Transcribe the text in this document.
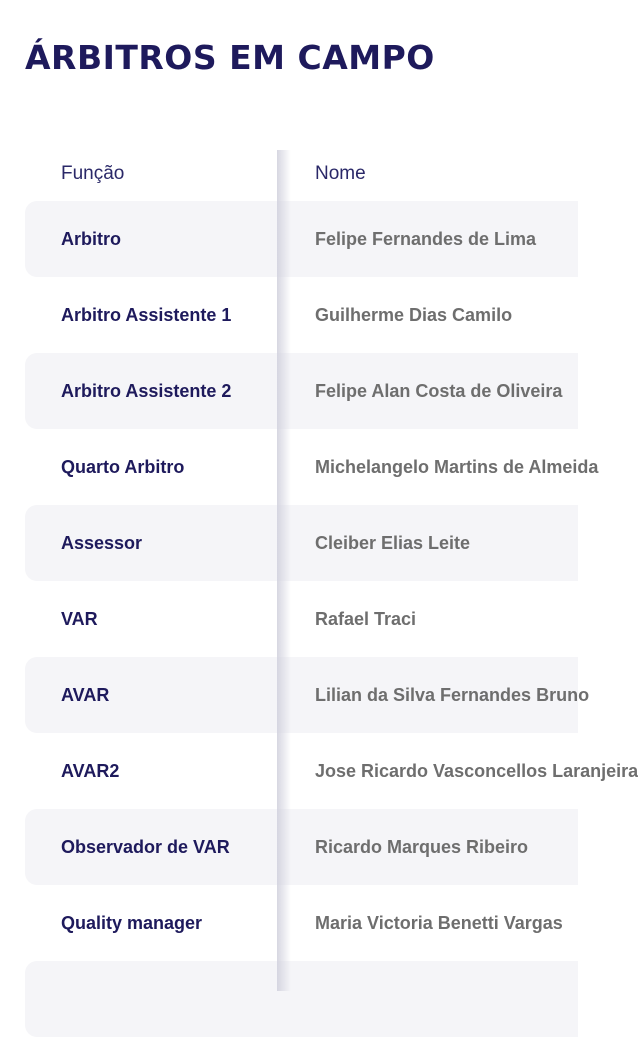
ÁRBITROS EM CAMPO
Função	Nome
Arbitro	Felipe Fernandes de Lima
Arbitro Assistente 1	Guilherme Dias Camilo
Arbitro Assistente 2	Felipe Alan Costa de Oliveira
Quarto Arbitro	Michelangelo Martins de Almeida
Assessor	Cleiber Elias Leite
VAR	Rafael Traci
AVAR	Lilian da Silva Fernandes Bruno
AVAR2	Jose Ricardo Vasconcellos Laranjeira
Observador de VAR	Ricardo Marques Ribeiro
Quality manager	Maria Victoria Benetti Vargas
